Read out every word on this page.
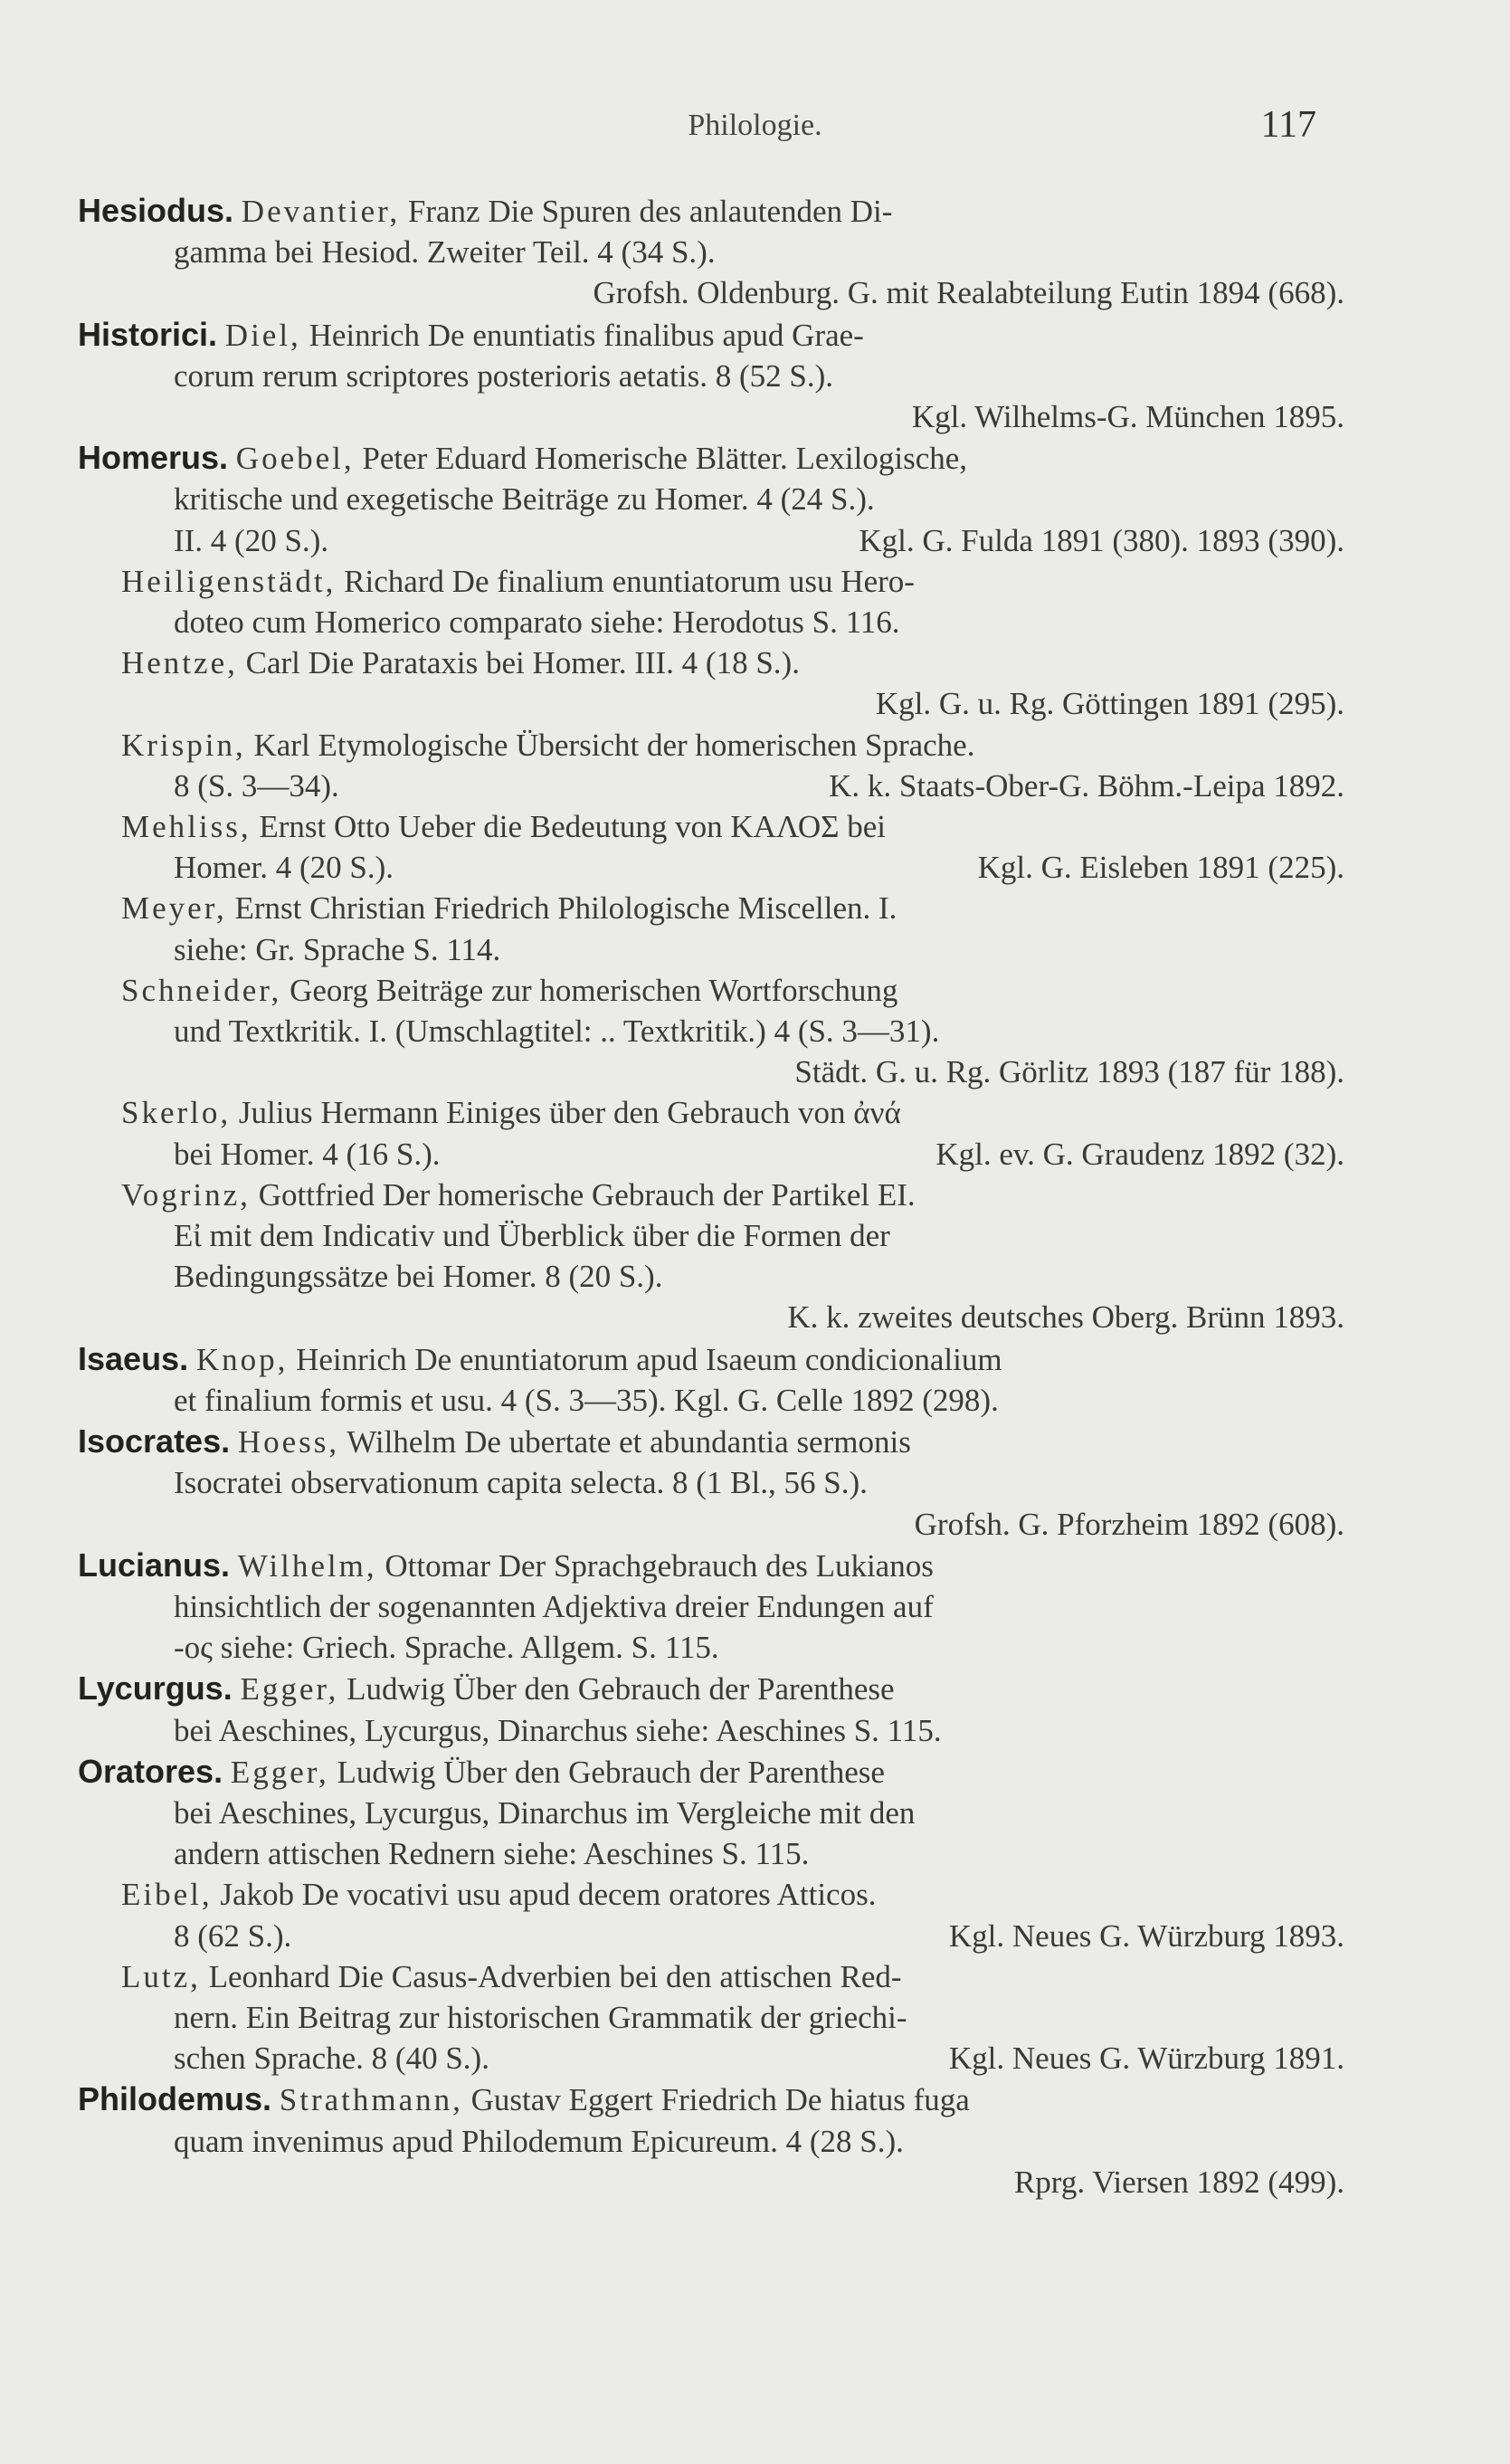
Philologie.	117
Hesiodus. Devantier, Franz Die Spuren des anlautenden Di-
gamma bei Hesiod. Zweiter Teil. 4 (34 S.).
Grofsh. Oldenburg. G. mit Realabteilung Eutin 1894 (668).
Historici. Diel, Heinrich De enuntiatis finalibus apud Grae-
corum rerum scriptores posterioris aetatis. 8 (52 S.).
Kgl. Wilhelms-G. München 1895.
Homerus. Goebel, Peter Eduard Homerische Blätter. Lexilogische,
kritische und exegetische Beiträge zu Homer. 4 (24 S.).
II. 4 (20 S.).	Kgl. G. Fulda 1891 (380). 1893 (390).
Heiligenstädt, Richard De finalium enuntiatorum usu Hero-
doteo cum Homerico comparato siehe: Herodotus S. 116.
Hentze, Carl Die Parataxis bei Homer. III. 4 (18 S.).
Kgl. G. u. Rg. Göttingen 1891 (295).
Krispin, Karl Etymologische Übersicht der homerischen Sprache.
8 (S. 3—34).	K. k. Staats-Ober-G. Böhm.-Leipa 1892.
Mehliss, Ernst Otto Ueber die Bedeutung von ΚΑΛΟΣ bei
Homer. 4 (20 S.).	Kgl. G. Eisleben 1891 (225).
Meyer, Ernst Christian Friedrich Philologische Miscellen. I.
siehe: Gr. Sprache S. 114.
Schneider, Georg Beiträge zur homerischen Wortforschung
und Textkritik. I. (Umschlagtitel: .. Textkritik.) 4 (S. 3—31).
Städt. G. u. Rg. Görlitz 1893 (187 für 188).
Skerlo, Julius Hermann Einiges über den Gebrauch von ἀνά
bei Homer. 4 (16 S.).	Kgl. ev. G. Graudenz 1892 (32).
Vogrinz, Gottfried Der homerische Gebrauch der Partikel EI.
Εἰ mit dem Indicativ und Überblick über die Formen der
Bedingungssätze bei Homer. 8 (20 S.).
K. k. zweites deutsches Oberg. Brünn 1893.
Isaeus. Knop, Heinrich De enuntiatorum apud Isaeum condicionalium
et finalium formis et usu. 4 (S. 3—35). Kgl. G. Celle 1892 (298).
Isocrates. Hoess, Wilhelm De ubertate et abundantia sermonis
Isocratei observationum capita selecta. 8 (1 Bl., 56 S.).
Grofsh. G. Pforzheim 1892 (608).
Lucianus. Wilhelm, Ottomar Der Sprachgebrauch des Lukianos
hinsichtlich der sogenannten Adjektiva dreier Endungen auf
-ος siehe: Griech. Sprache. Allgem. S. 115.
Lycurgus. Egger, Ludwig Über den Gebrauch der Parenthese
bei Aeschines, Lycurgus, Dinarchus siehe: Aeschines S. 115.
Oratores. Egger, Ludwig Über den Gebrauch der Parenthese
bei Aeschines, Lycurgus, Dinarchus im Vergleiche mit den
andern attischen Rednern siehe: Aeschines S. 115.
Eibel, Jakob De vocativi usu apud decem oratores Atticos.
8 (62 S.).	Kgl. Neues G. Würzburg 1893.
Lutz, Leonhard Die Casus-Adverbien bei den attischen Red-
nern. Ein Beitrag zur historischen Grammatik der griechi-
schen Sprache. 8 (40 S.).	Kgl. Neues G. Würzburg 1891.
Philodemus. Strathmann, Gustav Eggert Friedrich De hiatus fuga
quam invenimus apud Philodemum Epicureum. 4 (28 S.).
Rprg. Viersen 1892 (499).
